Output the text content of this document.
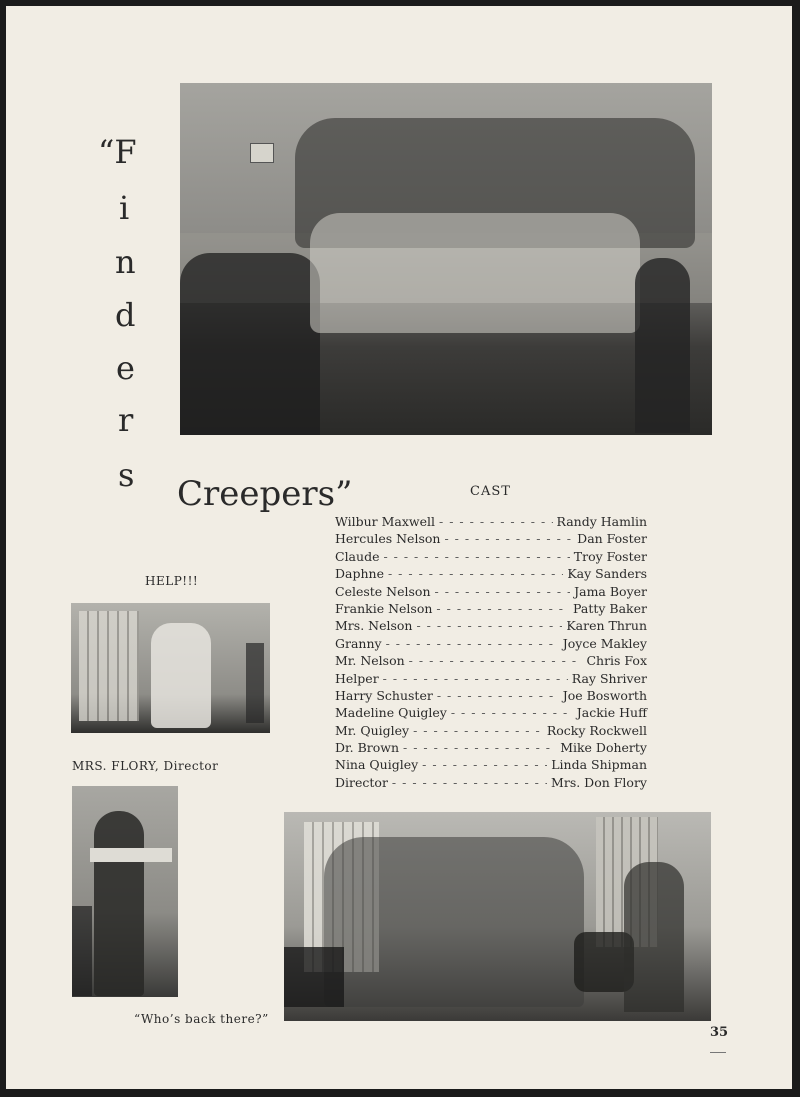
“F
i
n
d
e
r
s Creepers”	CAST
Wilbur Maxwell - - -	Randy Hamlin
Hercules Nelson - - -	Dan Foster
Claude - - -	Troy Foster
Daphne - - -	Kay Sanders
Celeste Nelson - - -	Jama Boyer
Frankie Nelson - - -	Patty Baker
Mrs. Nelson - - -	Karen Thrun
Granny - - -	Joyce Makley
Mr. Nelson - - -	Chris Fox
Helper - - -	Ray Shriver
Harry Schuster - - -	Joe Bosworth
Madeline Quigley - - -	Jackie Huff
Mr. Quigley - - -	Rocky Rockwell
Dr. Brown - - -	Mike Doherty
Nina Quigley - - -	Linda Shipman
Director - - -	Mrs. Don Flory
HELP!!!
MRS. FLORY, Director
“Who’s back there?”
35
